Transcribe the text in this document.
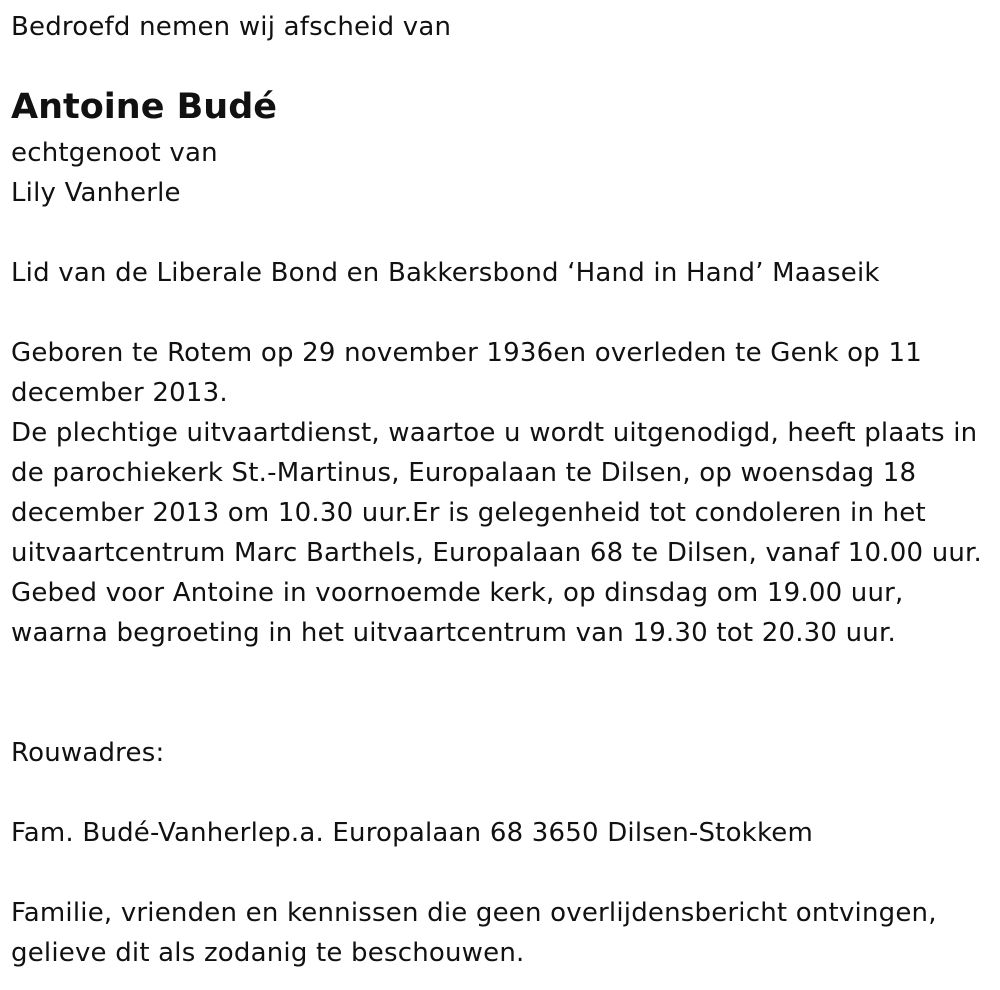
Bedroefd nemen wij afscheid van

Antoine Budé

echtgenoot van

Lily Vanherle

Lid van de Liberale Bond en Bakkersbond ‘Hand in Hand’ Maaseik

Geboren te Rotem op 29 november 1936en overleden te Genk op 11 december 2013.

De plechtige uitvaartdienst, waartoe u wordt uitgenodigd, heeft plaats in de parochiekerk St.-Martinus, Europalaan te Dilsen, op woensdag 18 december 2013 om 10.30 uur.Er is gelegenheid tot condoleren in het uitvaartcentrum Marc Barthels, Europalaan 68 te Dilsen, vanaf 10.00 uur.

Gebed voor Antoine in voornoemde kerk, op dinsdag om 19.00 uur, waarna begroeting in het uitvaartcentrum van 19.30 tot 20.30 uur.

Rouwadres:

Fam. Budé-Vanherlep.a. Europalaan 68 3650 Dilsen-Stokkem

Familie, vrienden en kennissen die geen overlijdensbericht ontvingen, gelieve dit als zodanig te beschouwen.
